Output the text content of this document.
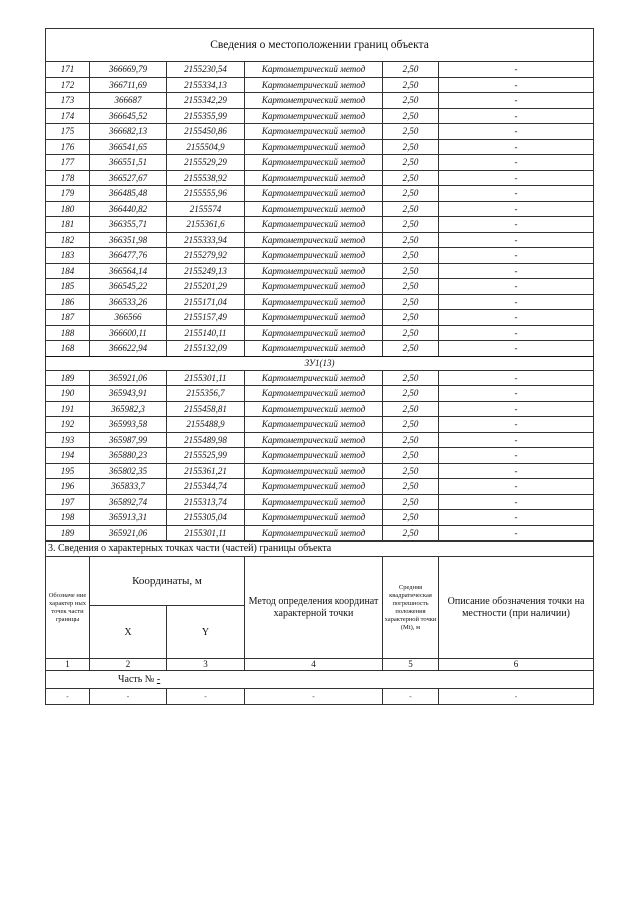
Сведения о местоположении границ объекта					
171	366669,79	2155230,54	Картометрический метод	2,50	-
172	366711,69	2155334,13	Картометрический метод	2,50	-
173	366687	2155342,29	Картометрический метод	2,50	-
174	366645,52	2155355,99	Картометрический метод	2,50	-
175	366682,13	2155450,86	Картометрический метод	2,50	-
176	366541,65	2155504,9	Картометрический метод	2,50	-
177	366551,51	2155529,29	Картометрический метод	2,50	-
178	366527,67	2155538,92	Картометрический метод	2,50	-
179	366485,48	2155555,96	Картометрический метод	2,50	-
180	366440,82	2155574	Картометрический метод	2,50	-
181	366355,71	2155361,6	Картометрический метод	2,50	-
182	366351,98	2155333,94	Картометрический метод	2,50	-
183	366477,76	2155279,92	Картометрический метод	2,50	-
184	366564,14	2155249,13	Картометрический метод	2,50	-
185	366545,22	2155201,29	Картометрический метод	2,50	-
186	366533,26	2155171,04	Картометрический метод	2,50	-
187	366566	2155157,49	Картометрический метод	2,50	-
188	366600,11	2155140,11	Картометрический метод	2,50	-
168	366622,94	2155132,09	Картометрический метод	2,50	-
ЗУ1(13)					
189	365921,06	2155301,11	Картометрический метод	2,50	-
190	365943,91	2155356,7	Картометрический метод	2,50	-
191	365982,3	2155458,81	Картометрический метод	2,50	-
192	365993,58	2155488,9	Картометрический метод	2,50	-
193	365987,99	2155489,98	Картометрический метод	2,50	-
194	365880,23	2155525,99	Картометрический метод	2,50	-
195	365802,35	2155361,21	Картометрический метод	2,50	-
196	365833,7	2155344,74	Картометрический метод	2,50	-
197	365892,74	2155313,74	Картометрический метод	2,50	-
198	365913,31	2155305,04	Картометрический метод	2,50	-
189	365921,06	2155301,11	Картометрический метод	2,50	-
3. Сведения о характерных точках части (частей) границы объекта					
Обозначе ние характер ных точек части границы	Координаты, м		Метод определения координат характерной точки	Средняя квадратическая погрешность положения характерной точки (Mt), м	Описание обозначения точки на местности (при наличии)
	X	Y			
1	2	3	4	5	6
Часть № -					
-	-	-	-	-	-
